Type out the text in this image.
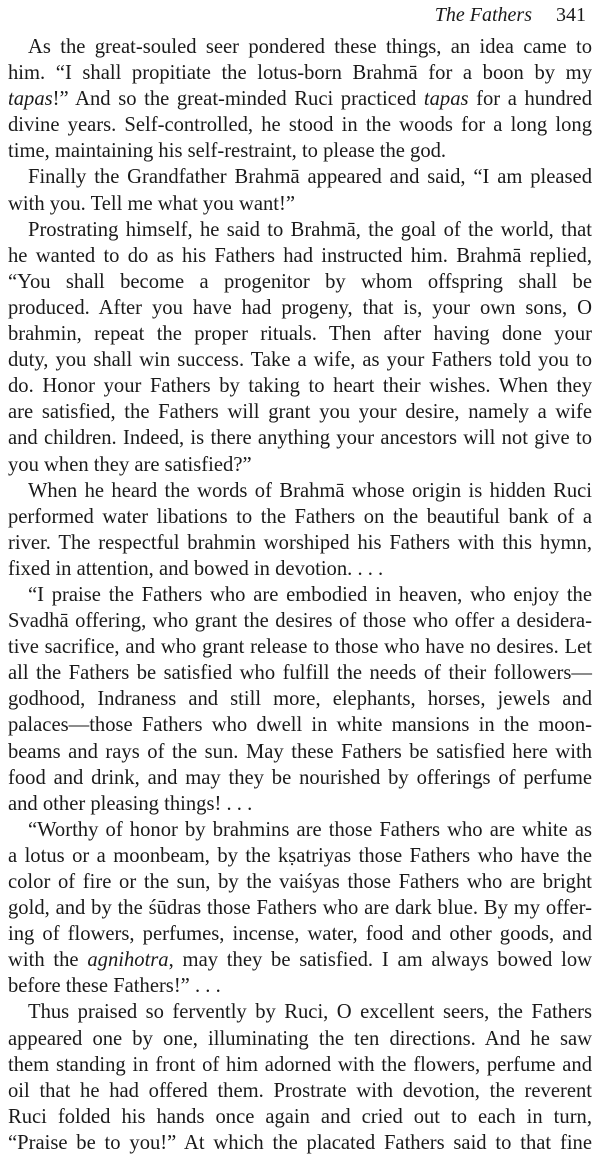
The Fathers 341
As the great-souled seer pondered these things, an idea came to
him. “I shall propitiate the lotus-born Brahmā for a boon by my
tapas!” And so the great-minded Ruci practiced tapas for a hundred
divine years. Self-controlled, he stood in the woods for a long long
time, maintaining his self-restraint, to please the god.
Finally the Grandfather Brahmā appeared and said, “I am pleased
with you. Tell me what you want!”
Prostrating himself, he said to Brahmā, the goal of the world, that
he wanted to do as his Fathers had instructed him. Brahmā replied,
“You shall become a progenitor by whom offspring shall be
produced. After you have had progeny, that is, your own sons, O
brahmin, repeat the proper rituals. Then after having done your
duty, you shall win success. Take a wife, as your Fathers told you to
do. Honor your Fathers by taking to heart their wishes. When they
are satisfied, the Fathers will grant you your desire, namely a wife
and children. Indeed, is there anything your ancestors will not give to
you when they are satisfied?”
When he heard the words of Brahmā whose origin is hidden Ruci
performed water libations to the Fathers on the beautiful bank of a
river. The respectful brahmin worshiped his Fathers with this hymn,
fixed in attention, and bowed in devotion. . . .
“I praise the Fathers who are embodied in heaven, who enjoy the
Svadhā offering, who grant the desires of those who offer a desidera-
tive sacrifice, and who grant release to those who have no desires. Let
all the Fathers be satisfied who fulfill the needs of their followers—
godhood, Indraness and still more, elephants, horses, jewels and
palaces—those Fathers who dwell in white mansions in the moon-
beams and rays of the sun. May these Fathers be satisfied here with
food and drink, and may they be nourished by offerings of perfume
and other pleasing things! . . .
“Worthy of honor by brahmins are those Fathers who are white as
a lotus or a moonbeam, by the kṣatriyas those Fathers who have the
color of fire or the sun, by the vaiśyas those Fathers who are bright
gold, and by the śūdras those Fathers who are dark blue. By my offer-
ing of flowers, perfumes, incense, water, food and other goods, and
with the agnihotra, may they be satisfied. I am always bowed low
before these Fathers!” . . .
Thus praised so fervently by Ruci, O excellent seers, the Fathers
appeared one by one, illuminating the ten directions. And he saw
them standing in front of him adorned with the flowers, perfume and
oil that he had offered them. Prostrate with devotion, the reverent
Ruci folded his hands once again and cried out to each in turn,
“Praise be to you!” At which the placated Fathers said to that fine
